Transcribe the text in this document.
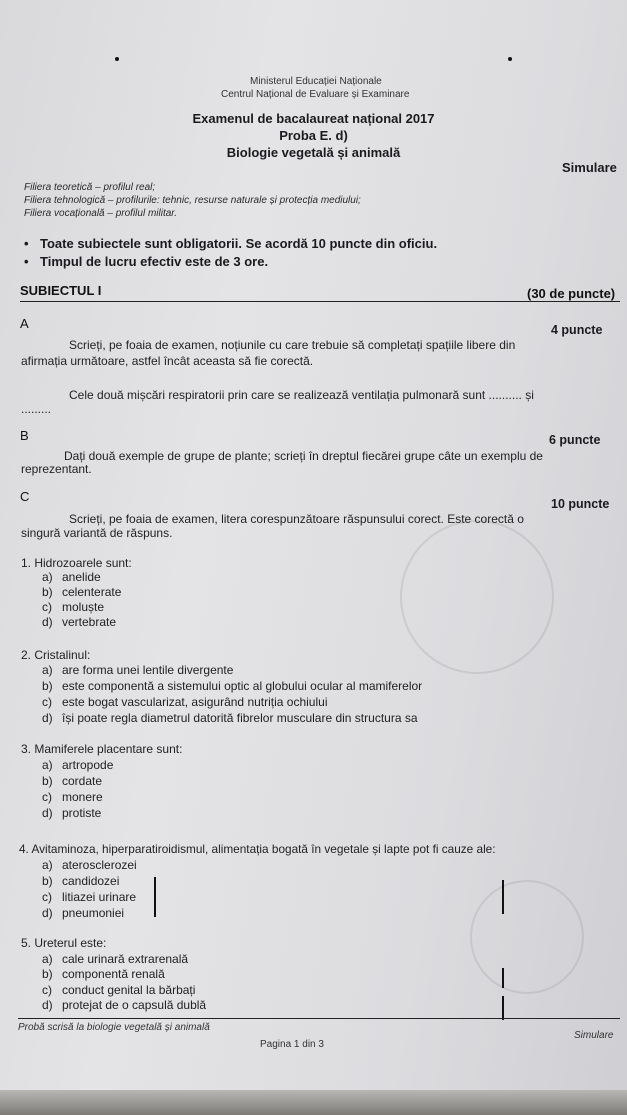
Ministerul Educației Naționale
Centrul Național de Evaluare și Examinare
Examenul de bacalaureat național 2017
Proba E. d)
Biologie vegetală și animală
Simulare
Filiera teoretică – profilul real;
Filiera tehnologică – profilurile: tehnic, resurse naturale și protecția mediului;
Filiera vocațională – profilul militar.
• Toate subiectele sunt obligatorii. Se acordă 10 puncte din oficiu.
• Timpul de lucru efectiv este de 3 ore.
SUBIECTUL I	(30 de puncte)
A	4 puncte
Scrieți, pe foaia de examen, noțiunile cu care trebuie să completați spațiile libere din
afirmația următoare, astfel încât aceasta să fie corectă.
Cele două mișcări respiratorii prin care se realizează ventilația pulmonară sunt .......... și
.........
B	6 puncte
Dați două exemple de grupe de plante; scrieți în dreptul fiecărei grupe câte un exemplu de
reprezentant.
C	10 puncte
Scrieți, pe foaia de examen, litera corespunzătoare răspunsului corect. Este corectă o
singură variantă de răspuns.
1. Hidrozoarele sunt:
a) anelide
b) celenterate
c) moluște
d) vertebrate
2. Cristalinul:
a) are forma unei lentile divergente
b) este componentă a sistemului optic al globului ocular al mamiferelor
c) este bogat vascularizat, asigurând nutriția ochiului
d) își poate regla diametrul datorită fibrelor musculare din structura sa
3. Mamiferele placentare sunt:
a) artropode
b) cordate
c) monere
d) protiste
4. Avitaminoza, hiperparatiroidismul, alimentația bogată în vegetale și lapte pot fi cauze ale:
a) aterosclerozei
b) candidozei
c) litiazei urinare
d) pneumoniei
5. Ureterul este:
a) cale urinară extrarenală
b) componentă renală
c) conduct genital la bărbați
d) protejat de o capsulă dublă
Probă scrisă la biologie vegetală și animală
Simulare
Pagina 1 din 3
